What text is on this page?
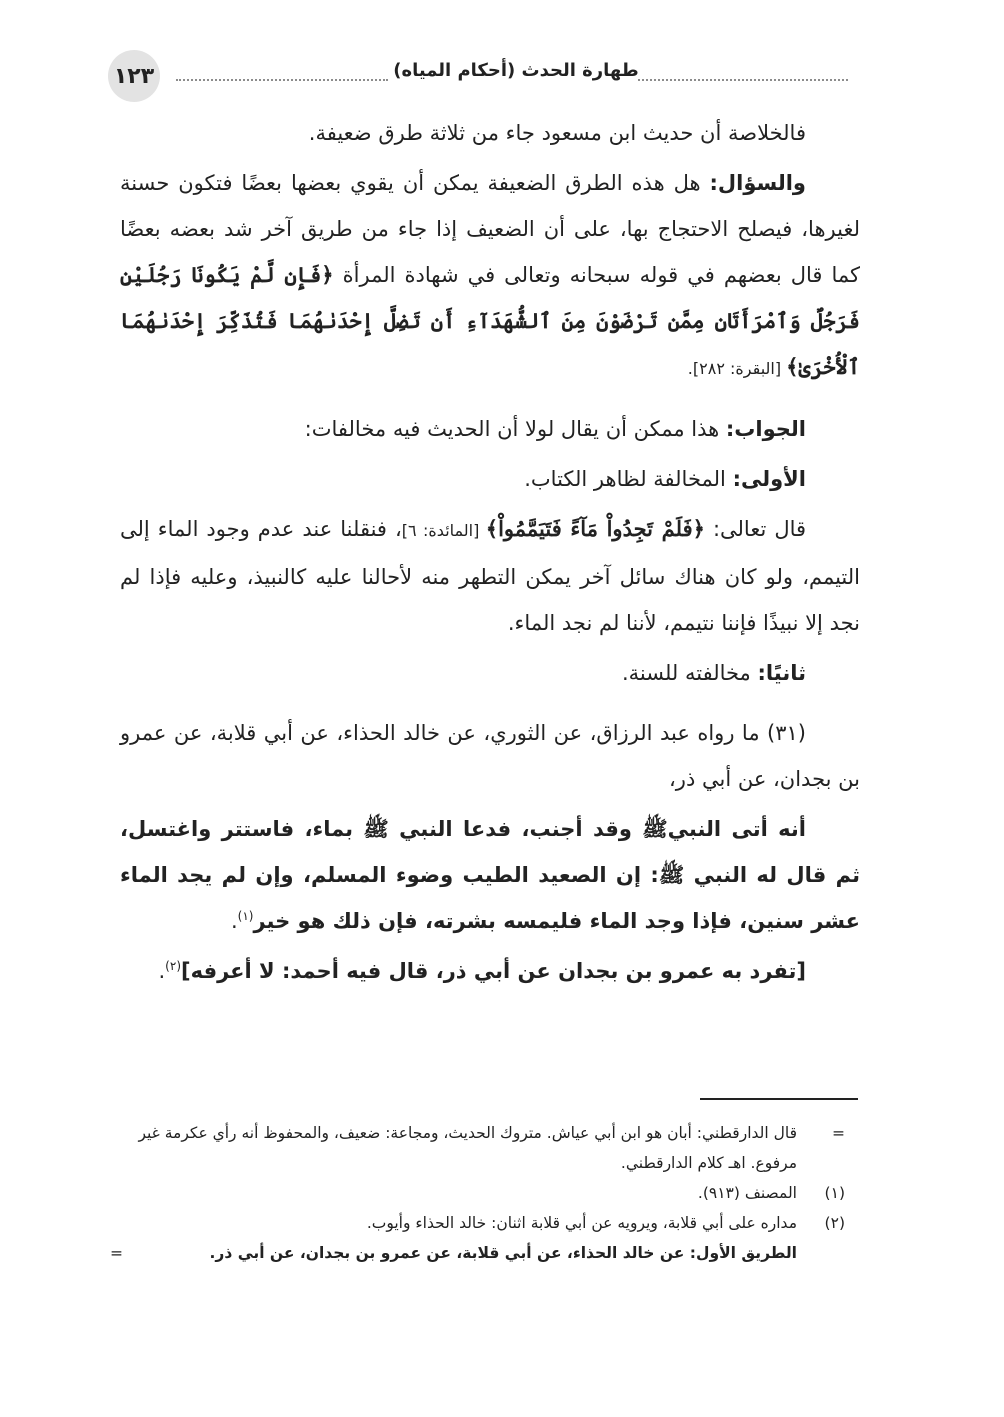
١٢٣	طهارة الحدث (أحكام المياه)

فالخلاصة أن حديث ابن مسعود جاء من ثلاثة طرق ضعيفة.

والسؤال: هل هذه الطرق الضعيفة يمكن أن يقوي بعضها بعضًا فتكون حسنة لغيرها، فيصلح الاحتجاج بها، على أن الضعيف إذا جاء من طريق آخر شد بعضه بعضًا كما قال بعضهم في قوله سبحانه وتعالى في شهادة المرأة ﴿فَإِن لَّمْ يَكُونَا رَجُلَيْنِ فَرَجُلٌ وَٱمْرَأَتَانِ مِمَّن تَرْضَوْنَ مِنَ ٱلشُّهَدَآءِ أَن تَضِلَّ إِحْدَىٰهُمَا فَتُذَكِّرَ إِحْدَىٰهُمَا ٱلْأُخْرَىٰ﴾ [البقرة: ٢٨٢].

الجواب: هذا ممكن أن يقال لولا أن الحديث فيه مخالفات:

الأولى: المخالفة لظاهر الكتاب.

قال تعالى: ﴿فَلَمْ تَجِدُواْ مَآءً فَتَيَمَّمُواْ﴾ [المائدة: ٦]، فنقلنا عند عدم وجود الماء إلى التيمم، ولو كان هناك سائل آخر يمكن التطهر منه لأحالنا عليه كالنبيذ، وعليه فإذا لم نجد إلا نبيذًا فإننا نتيمم، لأننا لم نجد الماء.

ثانيًا: مخالفته للسنة.

(٣١) ما رواه عبد الرزاق، عن الثوري، عن خالد الحذاء، عن أبي قلابة، عن عمرو بن بجدان، عن أبي ذر،

أنه أتى النبيﷺ وقد أجنب، فدعا النبي ﷺ بماء، فاستتر واغتسل، ثم قال له النبي ﷺ: إن الصعيد الطيب وضوء المسلم، وإن لم يجد الماء عشر سنين، فإذا وجد الماء فليمسه بشرته، فإن ذلك هو خير$^{(١)}$.

[تفرد به عمرو بن بجدان عن أبي ذر، قال فيه أحمد: لا أعرفه]$^{(٢)}$.

=
قال الدارقطني: أبان هو ابن أبي عياش. متروك الحديث، ومجاعة: ضعيف، والمحفوظ أنه رأي عكرمة غير مرفوع. اهـ كلام الدارقطني.
(١)
المصنف (٩١٣).
(٢)
مداره على أبي قلابة، ويرويه عن أبي قلابة اثنان: خالد الحذاء وأيوب.
الطريق الأول: عن خالد الحذاء، عن أبي قلابة، عن عمرو بن بجدان، عن أبي ذر.
=
